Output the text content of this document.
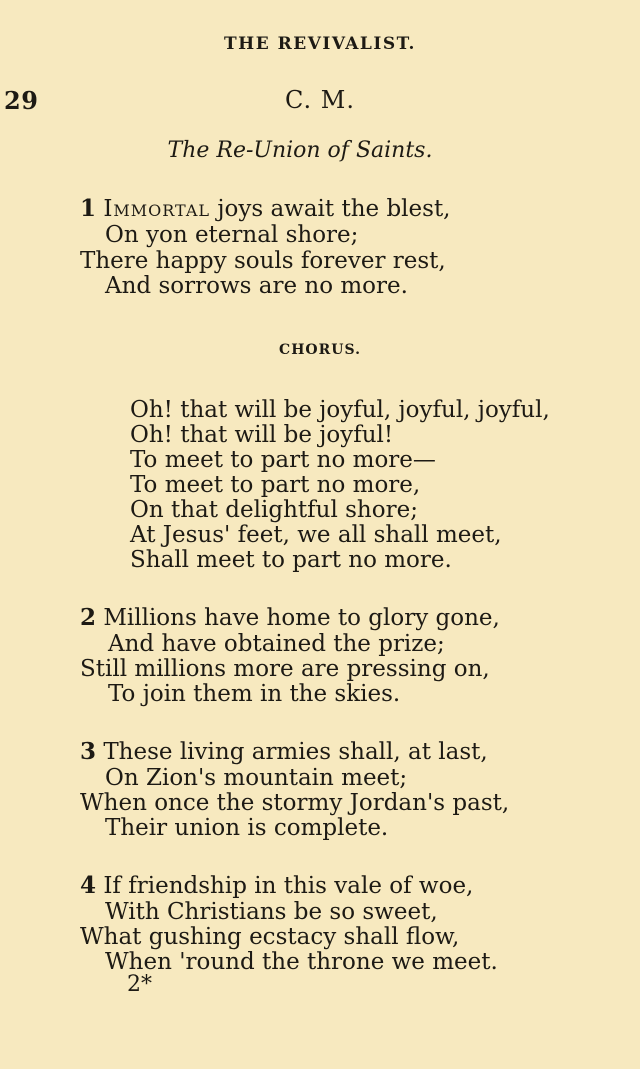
THE REVIVALIST.
29	C. M.
The Re-Union of Saints.
1 Immortal joys await the blest,
On yon eternal shore;
There happy souls forever rest,
And sorrows are no more.
CHORUS.
Oh! that will be joyful, joyful, joyful,
Oh! that will be joyful!
To meet to part no more—
To meet to part no more,
On that delightful shore;
At Jesus' feet, we all shall meet,
Shall meet to part no more.
2 Millions have home to glory gone,
And have obtained the prize;
Still millions more are pressing on,
To join them in the skies.
3 These living armies shall, at last,
On Zion's mountain meet;
When once the stormy Jordan's past,
Their union is complete.
4 If friendship in this vale of woe,
With Christians be so sweet,
What gushing ecstacy shall flow,
When 'round the throne we meet.
2*
